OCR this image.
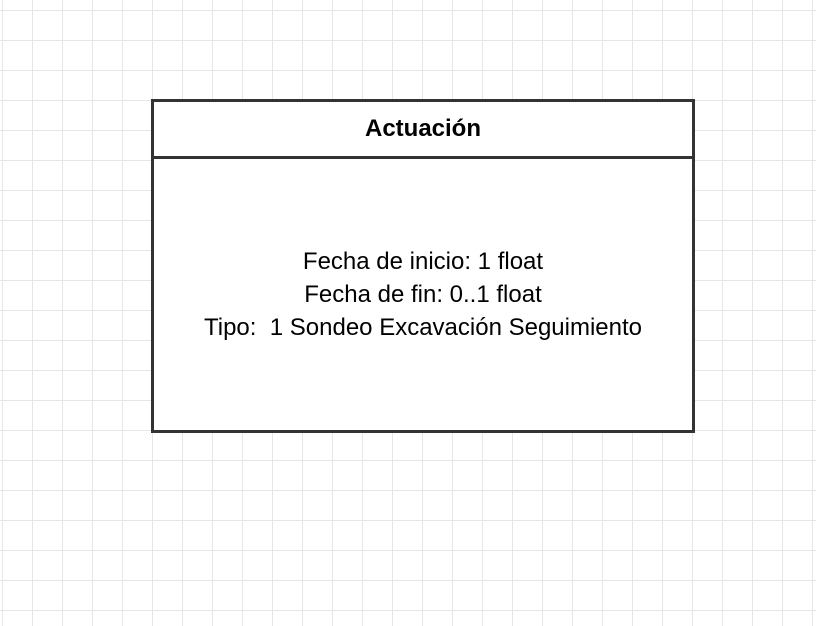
Actuación
Fecha de inicio: 1 float
Fecha de fin: 0..1 float
Tipo:  1 Sondeo Excavación Seguimiento
